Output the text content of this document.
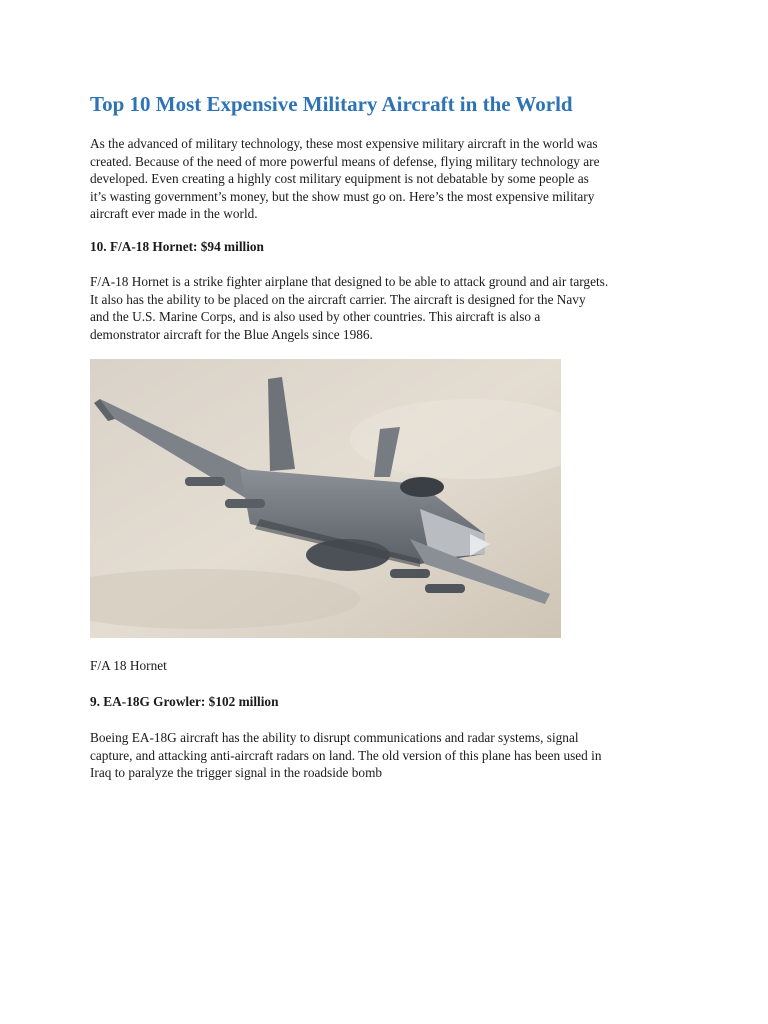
Top 10 Most Expensive Military Aircraft in the World
As the advanced of military technology, these most expensive military aircraft in the world was
created. Because of the need of more powerful means of defense, flying military technology are
developed. Even creating a highly cost military equipment is not debatable by some people as
it’s wasting government’s money, but the show must go on. Here’s the most expensive military
aircraft ever made in the world.
10. F/A-18 Hornet: $94 million
F/A-18 Hornet is a strike fighter airplane that designed to be able to attack ground and air targets.
It also has the ability to be placed on the aircraft carrier. The aircraft is designed for the Navy
and the U.S. Marine Corps, and is also used by other countries. This aircraft is also a
demonstrator aircraft for the Blue Angels since 1986.

F/A 18 Hornet

9. EA-18G Growler: $102 million
Boeing EA-18G aircraft has the ability to disrupt communications and radar systems, signal
capture, and attacking anti-aircraft radars on land. The old version of this plane has been used in
Iraq to paralyze the trigger signal in the roadside bomb
